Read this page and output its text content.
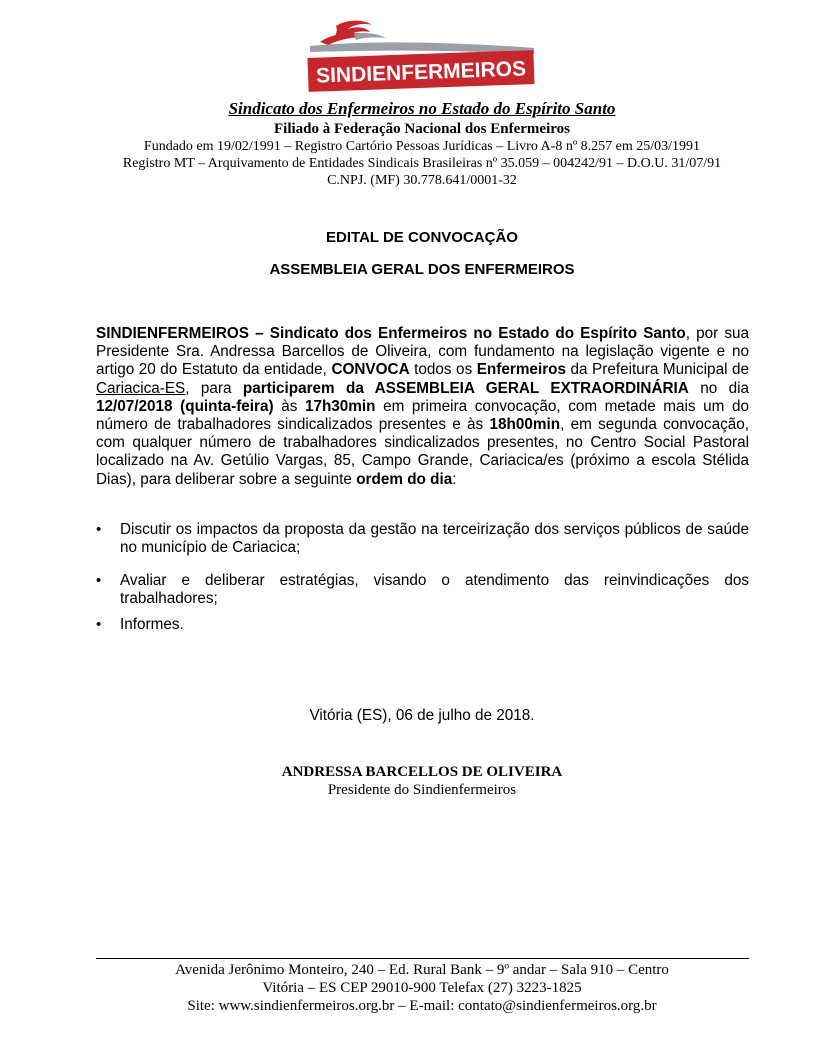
SINDIENFERMEIROS
Sindicato dos Enfermeiros no Estado do Espírito Santo
Filiado à Federação Nacional dos Enfermeiros
Fundado em 19/02/1991 – Registro Cartório Pessoas Jurídicas – Livro A-8 nº 8.257 em 25/03/1991
Registro MT – Arquivamento de Entidades Sindicais Brasileiras nº 35.059 – 004242/91 – D.O.U. 31/07/91
C.NPJ. (MF) 30.778.641/0001-32
EDITAL DE CONVOCAÇÃO
ASSEMBLEIA GERAL DOS ENFERMEIROS

SINDIENFERMEIROS – Sindicato dos Enfermeiros no Estado do Espírito Santo, por sua Presidente Sra. Andressa Barcellos de Oliveira, com fundamento na legislação vigente e no artigo 20 do Estatuto da entidade, CONVOCA todos os Enfermeiros da Prefeitura Municipal de Cariacica-ES, para participarem da ASSEMBLEIA GERAL EXTRAORDINÁRIA no dia 12/07/2018 (quinta-feira) às 17h30min em primeira convocação, com metade mais um do número de trabalhadores sindicalizados presentes e às 18h00min, em segunda convocação, com qualquer número de trabalhadores sindicalizados presentes, no Centro Social Pastoral localizado na Av. Getúlio Vargas, 85, Campo Grande, Cariacica/es (próximo a escola Stélida Dias), para deliberar sobre a seguinte ordem do dia:

• Discutir os impactos da proposta da gestão na terceirização dos serviços públicos de saúde no município de Cariacica;
• Avaliar e deliberar estratégias, visando o atendimento das reinvindicações dos trabalhadores;
• Informes.
Vitória (ES), 06 de julho de 2018.
ANDRESSA BARCELLOS DE OLIVEIRA
Presidente do Sindienfermeiros
Avenida Jerônimo Monteiro, 240 – Ed. Rural Bank – 9º andar – Sala 910 – Centro
Vitória – ES CEP 29010-900 Telefax (27) 3223-1825
Site: www.sindienfermeiros.org.br – E-mail: contato@sindienfermeiros.org.br
